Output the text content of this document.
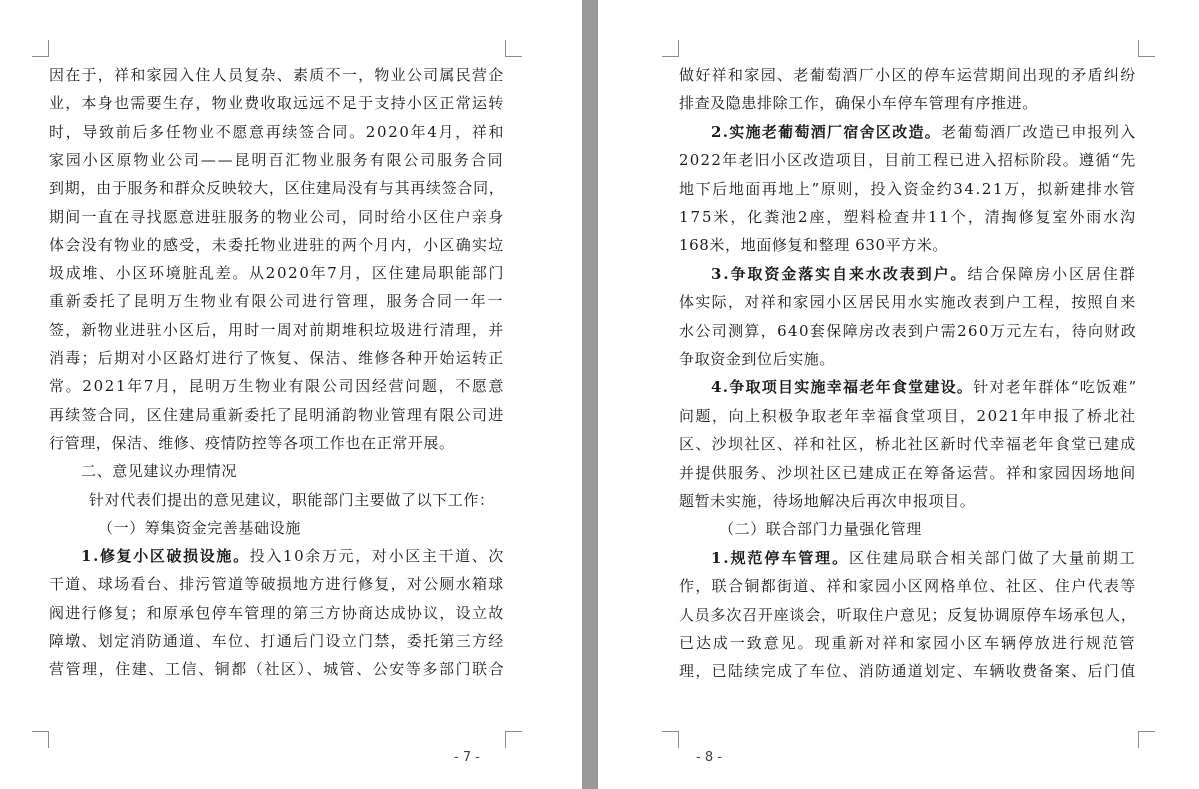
因在于，祥和家园入住人员复杂、素质不一，物业公司属民营企
业，本身也需要生存，物业费收取远远不足于支持小区正常运转
时，导致前后多任物业不愿意再续签合同。2020年4月，祥和
家园小区原物业公司——昆明百汇物业服务有限公司服务合同
到期，由于服务和群众反映较大，区住建局没有与其再续签合同，
期间一直在寻找愿意进驻服务的物业公司，同时给小区住户亲身
体会没有物业的感受，未委托物业进驻的两个月内，小区确实垃
圾成堆、小区环境脏乱差。从2020年7月，区住建局职能部门
重新委托了昆明万生物业有限公司进行管理，服务合同一年一
签，新物业进驻小区后，用时一周对前期堆积垃圾进行清理，并
消毒；后期对小区路灯进行了恢复、保洁、维修各种开始运转正
常。2021年7月，昆明万生物业有限公司因经营问题，不愿意
再续签合同，区住建局重新委托了昆明涌韵物业管理有限公司进
行管理，保洁、维修、疫情防控等各项工作也在正常开展。
二、意见建议办理情况
针对代表们提出的意见建议，职能部门主要做了以下工作：
（一）筹集资金完善基础设施
1.修复小区破损设施。投入10余万元，对小区主干道、次
干道、球场看台、排污管道等破损地方进行修复，对公厕水箱球
阀进行修复；和原承包停车管理的第三方协商达成协议，设立故
障墩、划定消防通道、车位、打通后门设立门禁，委托第三方经
营管理，住建、工信、铜都（社区）、城管、公安等多部门联合
- 7 -
做好祥和家园、老葡萄酒厂小区的停车运营期间出现的矛盾纠纷
排查及隐患排除工作，确保小车停车管理有序推进。
2.实施老葡萄酒厂宿舍区改造。老葡萄酒厂改造已申报列入
2022年老旧小区改造项目，目前工程已进入招标阶段。遵循“先
地下后地面再地上”原则，投入资金约34.21万，拟新建排水管
175米，化粪池2座，塑料检查井11个，清掏修复室外雨水沟
168米，地面修复和整理 630平方米。
3.争取资金落实自来水改表到户。结合保障房小区居住群
体实际，对祥和家园小区居民用水实施改表到户工程，按照自来
水公司测算，640套保障房改表到户需260万元左右，待向财政
争取资金到位后实施。
4.争取项目实施幸福老年食堂建设。针对老年群体“吃饭难”
问题，向上积极争取老年幸福食堂项目，2021年申报了桥北社
区、沙坝社区、祥和社区，桥北社区新时代幸福老年食堂已建成
并提供服务、沙坝社区已建成正在筹备运营。祥和家园因场地间
题暂未实施，待场地解决后再次申报项目。
（二）联合部门力量强化管理
1.规范停车管理。区住建局联合相关部门做了大量前期工
作，联合铜都街道、祥和家园小区网格单位、社区、住户代表等
人员多次召开座谈会，听取住户意见；反复协调原停车场承包人，
已达成一致意见。现重新对祥和家园小区车辆停放进行规范管
理，已陆续完成了车位、消防通道划定、车辆收费备案、后门值
- 8 -
